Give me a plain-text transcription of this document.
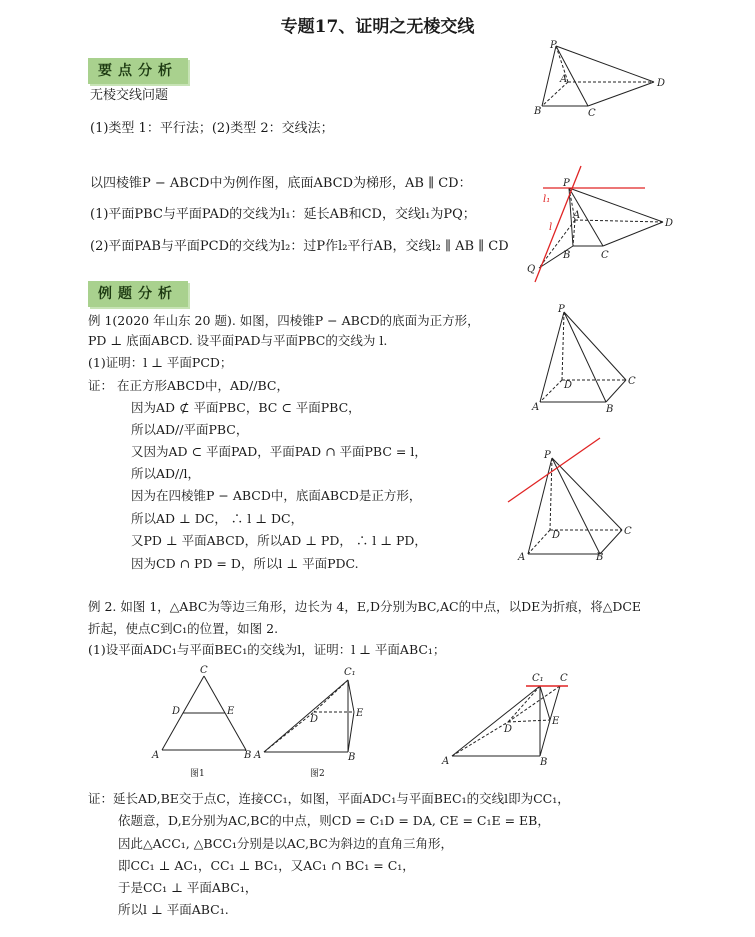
专题17、证明之无棱交线
要点分析
无棱交线问题
(1)类型 1：平行法；(2)类型 2：交线法；
以四棱锥P − ABCD中为例作图，底面ABCD为梯形，AB ∥ CD：
(1)平面PBC与平面PAD的交线为l₁：延长AB和CD，交线l₁为PQ；
(2)平面PAB与平面PCD的交线为l₂：过P作l₂平行AB，交线l₂ ∥ AB ∥ CD
例题分析
例 1(2020 年山东 20 题). 如图，四棱锥P − ABCD的底面为正方形，
PD ⊥ 底面ABCD. 设平面PAD与平面PBC的交线为 l.
(1)证明：l ⊥ 平面PCD；
证： 在正方形ABCD中，AD//BC，
因为AD ⊄ 平面PBC，BC ⊂ 平面PBC，
所以AD//平面PBC，
又因为AD ⊂ 平面PAD，平面PAD ∩ 平面PBC = l，
所以AD//l，
因为在四棱锥P − ABCD中，底面ABCD是正方形，
所以AD ⊥ DC， ∴ l ⊥ DC，
又PD ⊥ 平面ABCD，所以AD ⊥ PD， ∴ l ⊥ PD，
因为CD ∩ PD = D，所以l ⊥ 平面PDC.
例 2. 如图 1，△ABC为等边三角形，边长为 4，E,D分别为BC,AC的中点，以DE为折痕，将△DCE
折起，使点C到C₁的位置，如图 2.
(1)设平面ADC₁与平面BEC₁的交线为l，证明：l ⊥ 平面ABC₁；
图1	图2
证：延长AD,BE交于点C，连接CC₁，如图，平面ADC₁与平面BEC₁的交线l即为CC₁，
依题意，D,E分别为AC,BC的中点，则CD = C₁D = DA, CE = C₁E = EB，
因此△ACC₁, △BCC₁分别是以AC,BC为斜边的直角三角形，
即CC₁ ⊥ AC₁，CC₁ ⊥ BC₁，又AC₁ ∩ BC₁ = C₁，
于是CC₁ ⊥ 平面ABC₁，
所以l ⊥ 平面ABC₁.
P
A
B	C
D
P
l₁
l
A
B	C
D
Q
P
D	C
A	B
P
D	C
A	B
C
D	E
A	B
C₁
D
E
A	B
C₁ C
D
E
A	B
